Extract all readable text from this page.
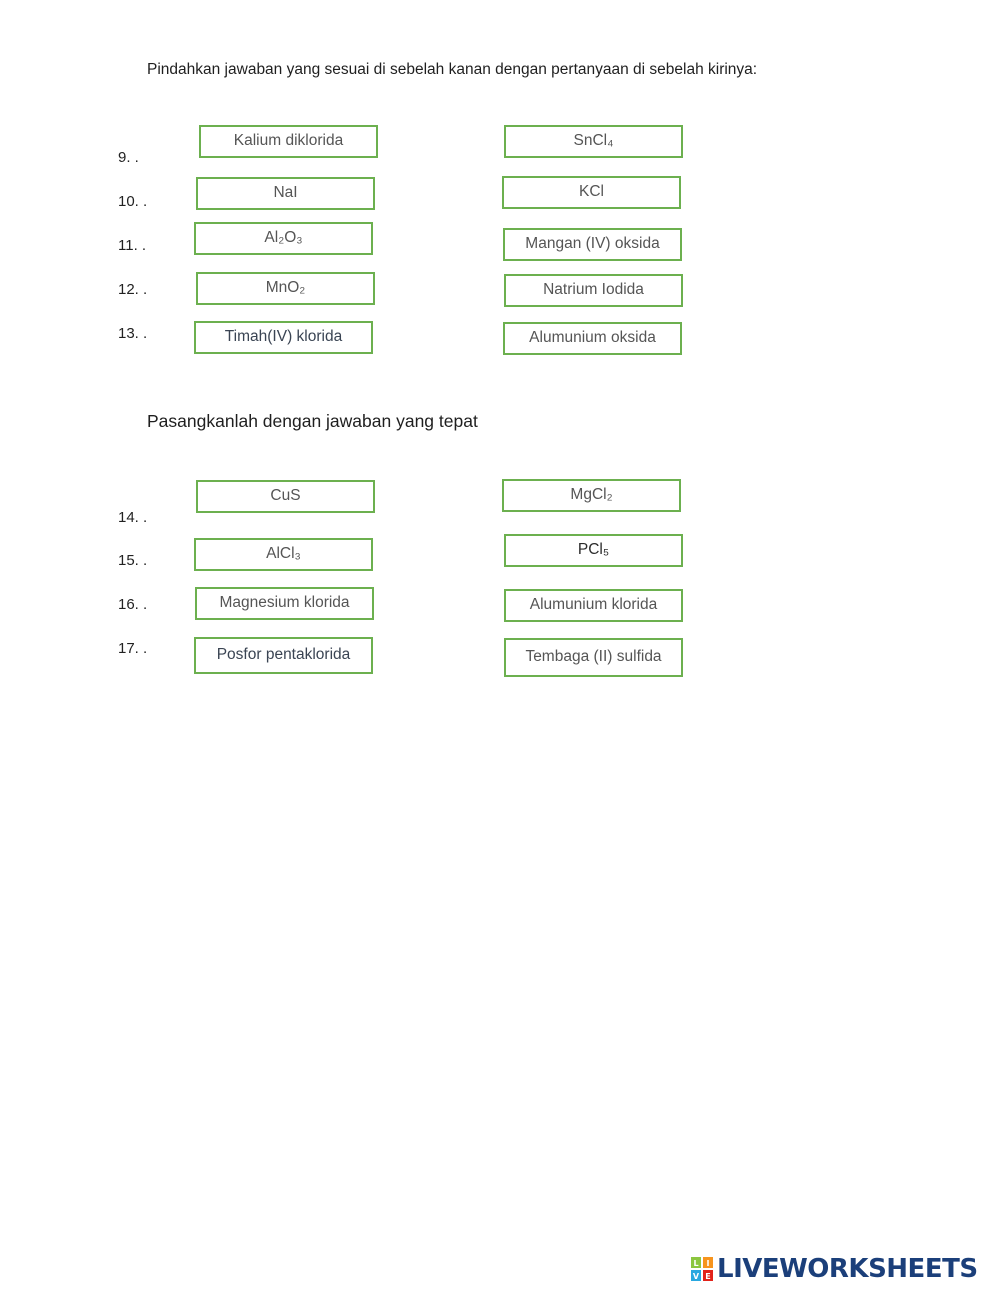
Pindahkan jawaban yang sesuai di sebelah kanan dengan pertanyaan di sebelah kirinya:
9. .
10. .
11. .
12. .
13. .
Kalium diklorida
NaI
Al₂O₃
MnO₂
Timah(IV) klorida
SnCl₄
KCl
Mangan (IV) oksida
Natrium Iodida
Alumunium oksida
Pasangkanlah dengan jawaban yang tepat
14. .
15. .
16. .
17. .
CuS
AlCl₃
Magnesium klorida
Posfor pentaklorida
MgCl₂
PCl₅
Alumunium klorida
Tembaga (II) sulfida
L I
V E LIVEWORKSHEETS
